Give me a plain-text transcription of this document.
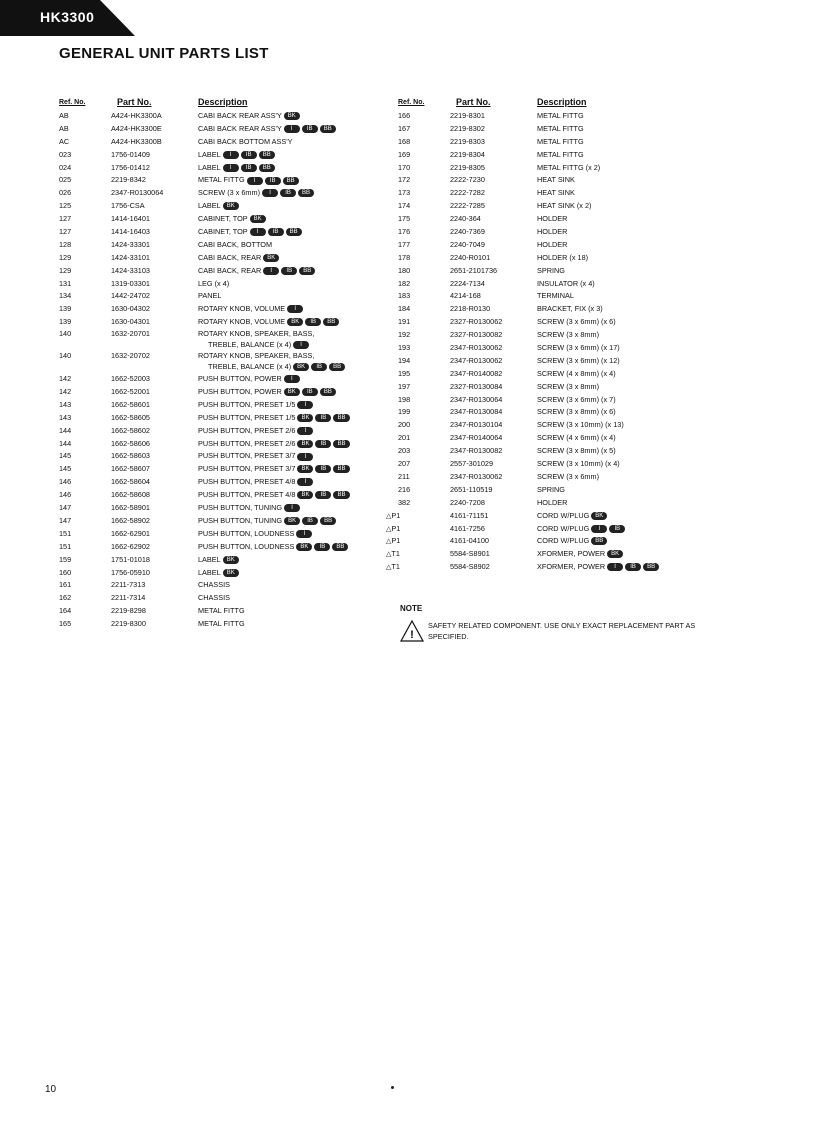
HK3300
GENERAL UNIT PARTS LIST
Ref. No.	Part No.	Description
AB	A424-HK3300A	CABI BACK REAR ASS'Y BK
AB	A424-HK3300E	CABI BACK REAR ASS'Y I IB BB
AC	A424-HK3300B	CABI BACK BOTTOM ASS'Y
023	1756-01409	LABEL I IB BB
024	1756-01412	LABEL I IB BB
025	2219-8342	METAL FITTG I IB BB
026	2347-R0130064	SCREW (3 x 6mm) I IB BB
125	1756-CSA	LABEL BK
127	1414-16401	CABINET, TOP BK
127	1414-16403	CABINET, TOP I IB BB
128	1424-33301	CABI BACK, BOTTOM
129	1424-33101	CABI BACK, REAR BK
129	1424-33103	CABI BACK, REAR I IB BB
131	1319-03301	LEG (x 4)
134	1442-24702	PANEL
139	1630-04302	ROTARY KNOB, VOLUME I
139	1630-04301	ROTARY KNOB, VOLUME BK IB BB
140	1632-20701	ROTARY KNOB, SPEAKER, BASS,
TREBLE, BALANCE (x 4) I
140	1632-20702	ROTARY KNOB, SPEAKER, BASS,
TREBLE, BALANCE (x 4) BK IB BB
142	1662-52003	PUSH BUTTON, POWER I
142	1662-52001	PUSH BUTTON, POWER BK IB BB
143	1662-58601	PUSH BUTTON, PRESET 1/5 I
143	1662-58605	PUSH BUTTON, PRESET 1/5 BK IB BB
144	1662-58602	PUSH BUTTON, PRESET 2/6 I
144	1662-58606	PUSH BUTTON, PRESET 2/6 BK IB BB
145	1662-58603	PUSH BUTTON, PRESET 3/7 I
145	1662-58607	PUSH BUTTON, PRESET 3/7 BK IB BB
146	1662-58604	PUSH BUTTON, PRESET 4/8 I
146	1662-58608	PUSH BUTTON, PRESET 4/8 BK IB BB
147	1662-58901	PUSH BUTTON, TUNING I
147	1662-58902	PUSH BUTTON, TUNING BK IB BB
151	1662-62901	PUSH BUTTON, LOUDNESS I
151	1662-62902	PUSH BUTTON, LOUDNESS BK IB BB
159	1751-01018	LABEL BK
160	1756-05910	LABEL BK
161	2211-7313	CHASSIS
162	2211-7314	CHASSIS
164	2219-8298	METAL FITTG
165	2219-8300	METAL FITTG
Ref. No.	Part No.	Description
166	2219-8301	METAL FITTG
167	2219-8302	METAL FITTG
168	2219-8303	METAL FITTG
169	2219-8304	METAL FITTG
170	2219-8305	METAL FITTG (x 2)
172	2222-7230	HEAT SINK
173	2222-7282	HEAT SINK
174	2222-7285	HEAT SINK (x 2)
175	2240-364	HOLDER
176	2240-7369	HOLDER
177	2240-7049	HOLDER
178	2240-R0101	HOLDER (x 18)
180	2651-2101736	SPRING
182	2224-7134	INSULATOR (x 4)
183	4214-168	TERMINAL
184	2218-R0130	BRACKET, FIX (x 3)
191	2327-R0130062	SCREW (3 x 6mm) (x 6)
192	2327-R0130082	SCREW (3 x 8mm)
193	2347-R0130062	SCREW (3 x 6mm) (x 17)
194	2347-R0130062	SCREW (3 x 6mm) (x 12)
195	2347-R0140082	SCREW (4 x 8mm) (x 4)
197	2327-R0130084	SCREW (3 x 8mm)
198	2347-R0130064	SCREW (3 x 6mm) (x 7)
199	2347-R0130084	SCREW (3 x 8mm) (x 6)
200	2347-R0130104	SCREW (3 x 10mm) (x 13)
201	2347-R0140064	SCREW (4 x 6mm) (x 4)
203	2347-R0130082	SCREW (3 x 8mm) (x 5)
207	2557-301029	SCREW (3 x 10mm) (x 4)
211	2347-R0130062	SCREW (3 x 6mm)
216	2651-110519	SPRING
382	2240-7208	HOLDER
△P1	4161-71151	CORD W/PLUG BK
△P1	4161-7256	CORD W/PLUG I IB
△P1	4161-04100	CORD W/PLUG BB
△T1	5584-S8901	XFORMER, POWER BK
△T1	5584-S8902	XFORMER, POWER I IB BB
NOTE
!

SAFETY RELATED COMPONENT. USE ONLY EXACT REPLACEMENT PART AS SPECIFIED.

10
